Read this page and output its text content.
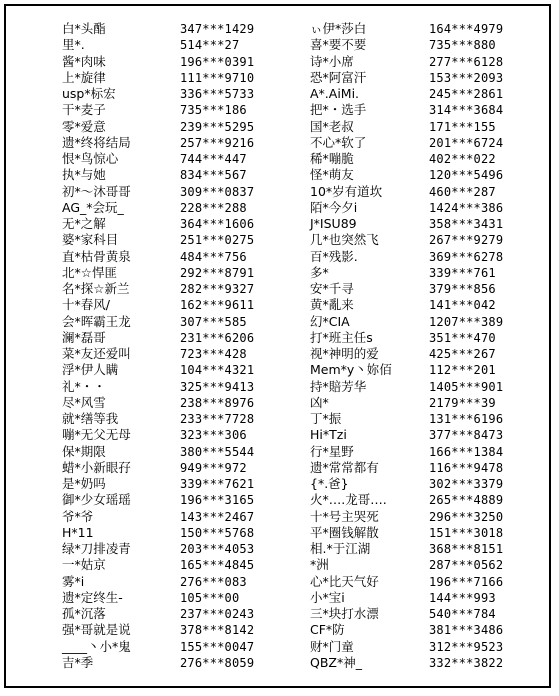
白*头酯	347***1429
里*.	514***27
酱*肉味	196***0391
上*旋律	111***9710
usp*标宏	336***5733
干*麦子	735***186
零*爱意	239***5295
遗*终将结局	257***9216
恨*鸟惊心	744***447
执*与她	834***567
初*～沐哥哥	309***0837
AG_*会玩_	228***288
无*之解	364***1606
婆*家科目	251***0275
直*枯骨黄泉	484***756
北*☆悍匪	292***8791
名*探☆新兰	282***9327
十*春风/	162***9611
会*晖霸王龙	307***585
澜*磊哥	231***6206
菜*友还爱叫	723***428
浮*伊人瞒	104***4321
礼*・・	325***9413
尽*风雪	238***8976
就*缮等我	233***7728
嘣*无父无母	323***306
保*期限	380***5544
蜡*小新眼孖	949***972
是*奶吗	339***7621
御*少女瑶瑶	196***3165
爷*爷	143***2467
H*11	150***5768
绿*刀排凌青	203***4053
一*姑京	165***4845
雾*i	276***083
遗*定终生-	105***00
孤*沉落	237***0243
强*哥就是说	378***8142
____丶小*鬼	155***0047
吉*季	276***8059
ぃ伊*莎白	164***4979
喜*要不要	735***880
诗*小席	277***6128
恐*阿富汗	153***2093
A*.AiMi.	245***2861
把*・选手	314***3684
国*老叔	171***155
不心*软了	201***6724
稀*嘣脆	402***022
怪*萌友	120***5496
10*岁有道坎	460***287
陌*今夕i	1424***386
J*ISU89	358***3431
几*也突然飞	267***9279
百*残影.	369***6278
多*	339***761
安*千寻	379***856
黄*亂来	141***042
幻*CIA	1207***389
打*班主任s	351***470
视*神明的爱	425***267
Mem*y丶妳佰	112***201
持*賠芳华	1405***901
凶*	2179***39
丁*振	131***6196
Hi*Tzi	377***8473
行*星野	166***1384
遗*常常都有	116***9478
{*.爸}	302***3379
火*….龙哥….	265***4889
十*号主哭死	296***3250
平*圈钱解散	151***3018
相.*于江湖	368***8151
*洲	287***0562
心*比天气好	196***7166
小*宝i	144***993
三*块打水漂	540***784
CF*防	381***3486
财*门童	312***9523
QBZ*神_	332***3822
